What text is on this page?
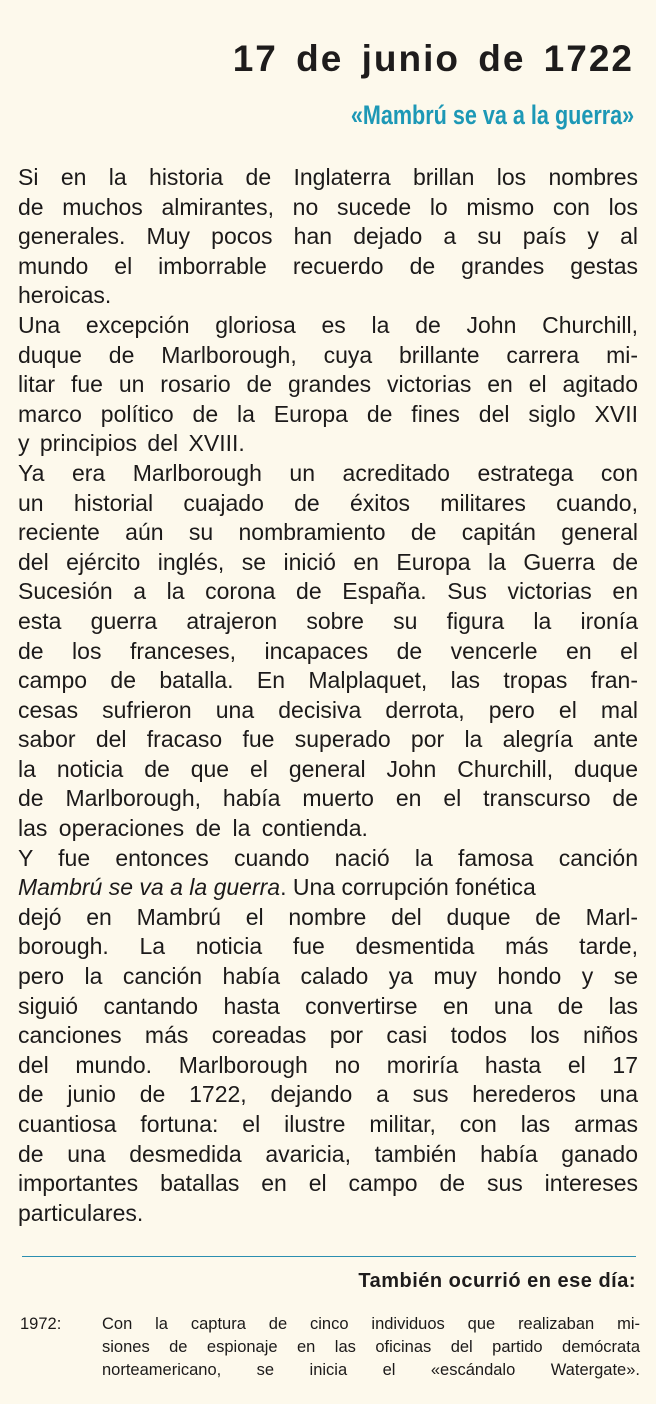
17 de junio de 1722
«Mambrú se va a la guerra»
Si en la historia de Inglaterra brillan los nombres
de muchos almirantes, no sucede lo mismo con los
generales. Muy pocos han dejado a su país y al
mundo el imborrable recuerdo de grandes gestas
heroicas.
Una excepción gloriosa es la de John Churchill,
duque de Marlborough, cuya brillante carrera mi-
litar fue un rosario de grandes victorias en el agitado
marco político de la Europa de fines del siglo XVII
y principios del XVIII.
Ya era Marlborough un acreditado estratega con
un historial cuajado de éxitos militares cuando,
reciente aún su nombramiento de capitán general
del ejército inglés, se inició en Europa la Guerra de
Sucesión a la corona de España. Sus victorias en
esta guerra atrajeron sobre su figura la ironía
de los franceses, incapaces de vencerle en el
campo de batalla. En Malplaquet, las tropas fran-
cesas sufrieron una decisiva derrota, pero el mal
sabor del fracaso fue superado por la alegría ante
la noticia de que el general John Churchill, duque
de Marlborough, había muerto en el transcurso de
las operaciones de la contienda.
Y fue entonces cuando nació la famosa canción
Mambrú se va a la guerra. Una corrupción fonética
dejó en Mambrú el nombre del duque de Marl-
borough. La noticia fue desmentida más tarde,
pero la canción había calado ya muy hondo y se
siguió cantando hasta convertirse en una de las
canciones más coreadas por casi todos los niños
del mundo. Marlborough no moriría hasta el 17
de junio de 1722, dejando a sus herederos una
cuantiosa fortuna: el ilustre militar, con las armas
de una desmedida avaricia, también había ganado
importantes batallas en el campo de sus intereses
particulares.
También ocurrió en ese día:
1972: Con la captura de cinco individuos que realizaban mi-
siones de espionaje en las oficinas del partido demócrata
norteamericano, se inicia el «escándalo Watergate».
